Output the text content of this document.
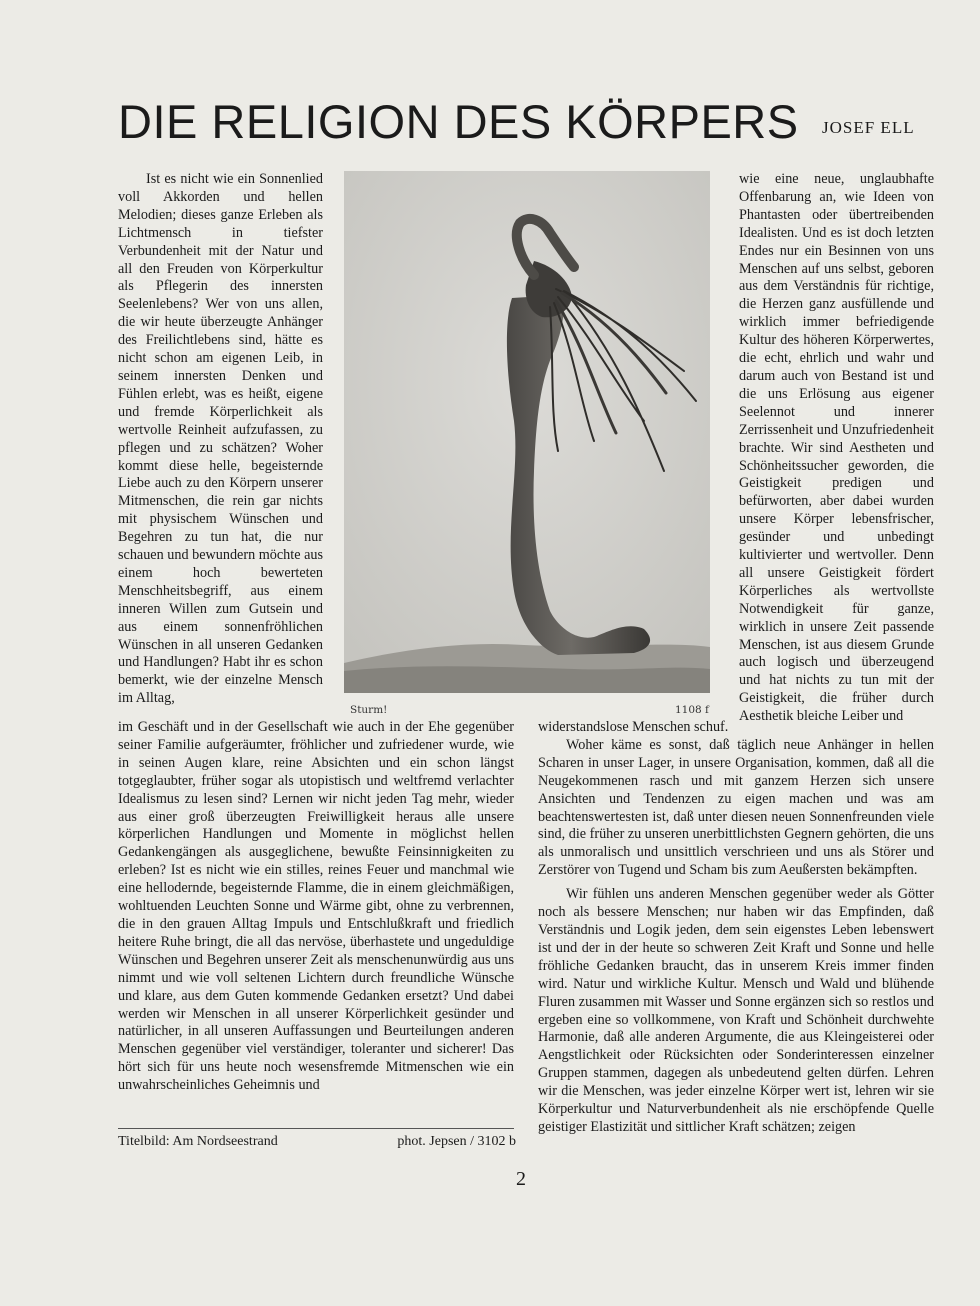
DIE RELIGION DES KÖRPERS JOSEF ELL

Ist es nicht wie ein Sonnenlied voll Akkorden und hellen Melodien; dieses ganze Erleben als Lichtmensch in tiefster Verbundenheit mit der Natur und all den Freuden von Körperkultur als Pflegerin des innersten Seelenlebens? Wer von uns allen, die wir heute überzeugte Anhänger des Freilichtlebens sind, hätte es nicht schon am eigenen Leib, in seinem innersten Denken und Fühlen erlebt, was es heißt, eigene und fremde Körperlichkeit als wertvolle Reinheit aufzufassen, zu pflegen und zu schätzen? Woher kommt diese helle, begeisternde Liebe auch zu den Körpern unserer Mitmenschen, die rein gar nichts mit physischem Wünschen und Begehren zu tun hat, die nur schauen und bewundern möchte aus einem hoch bewerteten Menschheitsbegriff, aus einem inneren Willen zum Gutsein und aus einem sonnenfröhlichen Wünschen in all unseren Gedanken und Handlungen? Habt ihr es schon bemerkt, wie der einzelne Mensch im Alltag,

Sturm!	1108 f

wie eine neue, unglaubhafte Offenbarung an, wie Ideen von Phantasten oder übertreibenden Idealisten. Und es ist doch letzten Endes nur ein Besinnen von uns Menschen auf uns selbst, geboren aus dem Verständnis für richtige, die Herzen ganz ausfüllende und wirklich immer befriedigende Kultur des höheren Körperwertes, die echt, ehrlich und wahr und darum auch von Bestand ist und die uns Erlösung aus eigener Seelennot und innerer Zerrissenheit und Unzufriedenheit brachte. Wir sind Aestheten und Schönheitssucher geworden, die Geistigkeit predigen und befürworten, aber dabei wurden unsere Körper lebensfrischer, gesünder und unbedingt kultivierter und wertvoller. Denn all unsere Geistigkeit fördert Körperliches als wertvollste Notwendigkeit für ganze, wirklich in unsere Zeit passende Menschen, ist aus diesem Grunde auch logisch und überzeugend und hat nichts zu tun mit der Geistigkeit, die früher durch Aesthetik bleiche Leiber und

im Geschäft und in der Gesellschaft wie auch in der Ehe gegenüber seiner Familie aufgeräumter, fröhlicher und zufriedener wurde, wie in seinen Augen klare, reine Absichten und ein schon längst totgeglaubter, früher sogar als utopistisch und weltfremd verlachter Idealismus zu lesen sind? Lernen wir nicht jeden Tag mehr, wieder aus einer groß überzeugten Freiwilligkeit heraus alle unsere körperlichen Handlungen und Momente in möglichst hellen Gedankengängen als ausgeglichene, bewußte Feinsinnigkeiten zu erleben? Ist es nicht wie ein stilles, reines Feuer und manchmal wie eine hellodernde, begeisternde Flamme, die in einem gleichmäßigen, wohltuenden Leuchten Sonne und Wärme gibt, ohne zu verbrennen, die in den grauen Alltag Impuls und Entschlußkraft und friedlich heitere Ruhe bringt, die all das nervöse, überhastete und ungeduldige Wünschen und Begehren unserer Zeit als menschenunwürdig aus uns nimmt und wie voll seltenen Lichtern durch freundliche Wünsche und klare, aus dem Guten kommende Gedanken ersetzt? Und dabei werden wir Menschen in all unserer Körperlichkeit gesünder und natürlicher, in all unseren Auffassungen und Beurteilungen anderen Menschen gegenüber viel verständiger, toleranter und sicherer! Das hört sich für uns heute noch wesensfremde Mitmenschen wie ein unwahrscheinliches Geheimnis und

widerstandslose Menschen schuf.

Woher käme es sonst, daß täglich neue Anhänger in hellen Scharen in unser Lager, in unsere Organisation, kommen, daß all die Neugekommenen rasch und mit ganzem Herzen sich unsere Ansichten und Tendenzen zu eigen machen und was am beachtenswertesten ist, daß unter diesen neuen Sonnenfreunden viele sind, die früher zu unseren unerbittlichsten Gegnern gehörten, die uns als unmoralisch und unsittlich verschrieen und uns als Störer und Zerstörer von Tugend und Scham bis zum Aeußersten bekämpften.

Wir fühlen uns anderen Menschen gegenüber weder als Götter noch als bessere Menschen; nur haben wir das Empfinden, daß Verständnis und Logik jeden, dem sein eigenstes Leben lebenswert ist und der in der heute so schweren Zeit Kraft und Sonne und helle fröhliche Gedanken braucht, das in unserem Kreis immer finden wird. Natur und wirkliche Kultur. Mensch und Wald und blühende Fluren zusammen mit Wasser und Sonne ergänzen sich so restlos und ergeben eine so vollkommene, von Kraft und Schönheit durchwehte Harmonie, daß alle anderen Argumente, die aus Kleingeisterei oder Aengstlichkeit oder Rücksichten oder Sonderinteressen einzelner Gruppen stammen, dagegen als unbedeutend gelten dürfen. Lehren wir die Menschen, was jeder einzelne Körper wert ist, lehren wir sie Körperkultur und Naturverbundenheit als nie erschöpfende Quelle geistiger Elastizität und sittlicher Kraft schätzen; zeigen

Titelbild: Am Nordseestrand	phot. Jepsen / 3102 b
2
